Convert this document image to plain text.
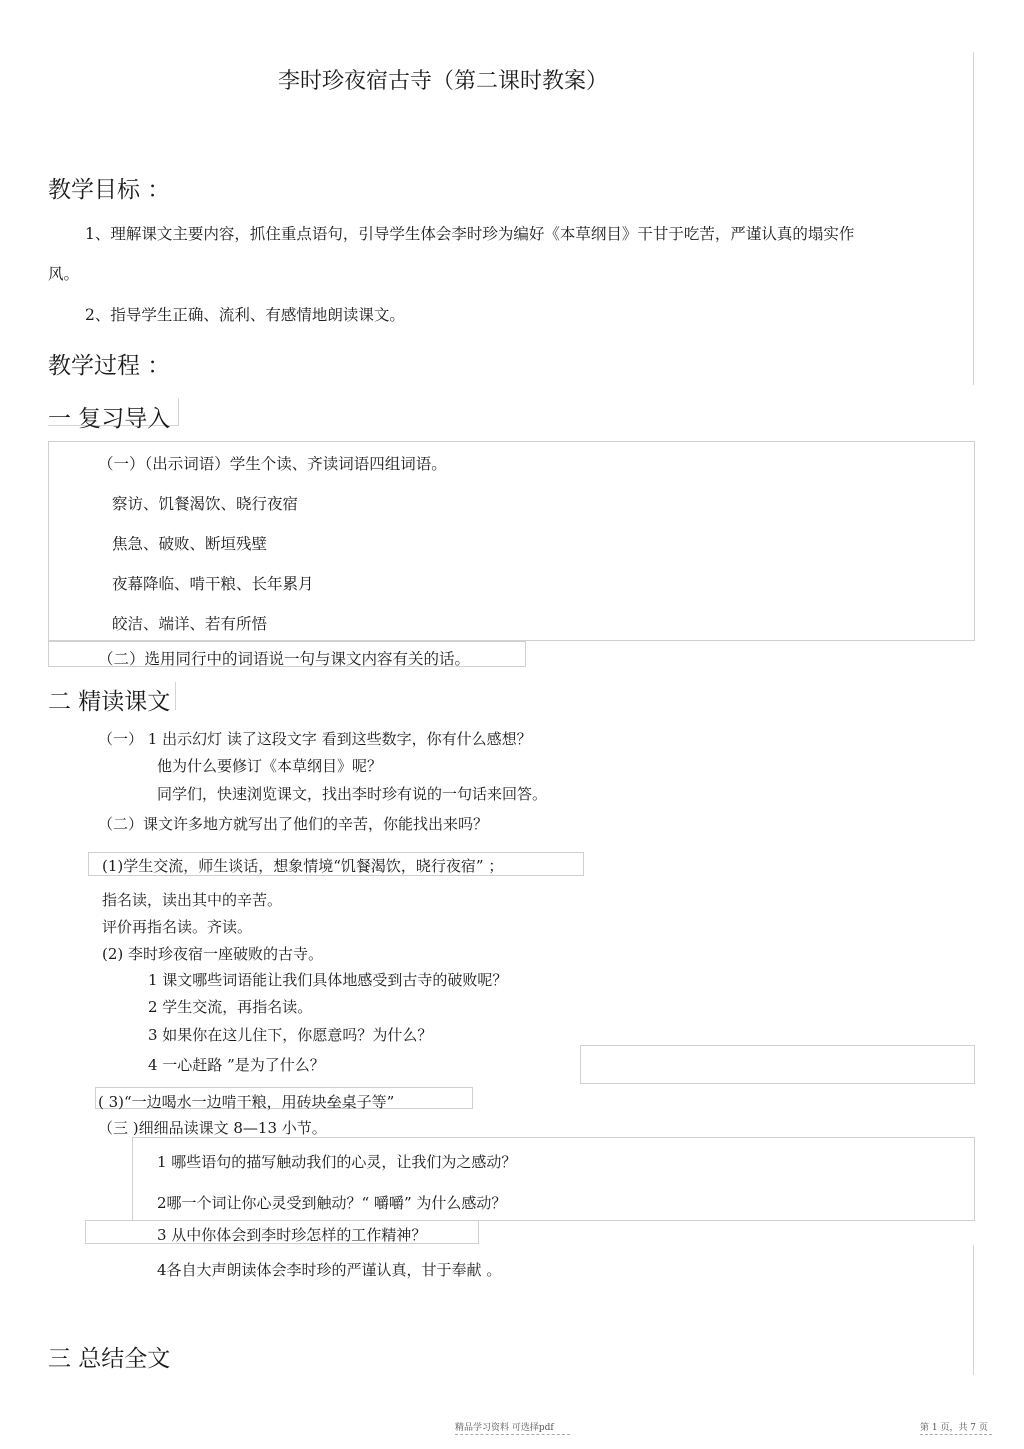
李时珍夜宿古寺（第二课时教案）
教学目标 ：
1、理解课文主要内容，抓住重点语句，引导学生体会李时珍为编好《本草纲目》干甘于吃苦，严谨认真的塌实作
风。
2、指导学生正确、流利、有感情地朗读课文。
教学过程 ：
一 复习导入
（一）（出示词语）学生个读、齐读词语四组词语。
察访、饥餐渴饮、晓行夜宿
焦急、破败、断垣残壁
夜幕降临、啃干粮、长年累月
皎洁、端详、若有所悟
（二）选用同行中的词语说一句与课文内容有关的话。
二 精读课文
（一） 1 出示幻灯 读了这段文字 看到这些数字，你有什么感想？
他为什么要修订《本草纲目》呢？
同学们，快速浏览课文，找出李时珍有说的一句话来回答。
（二）课文许多地方就写出了他们的辛苦，你能找出来吗？
(1)学生交流，师生谈话，想象情境“饥餐渴饮，晓行夜宿” ；
指名读，读出其中的辛苦。
评价再指名读。齐读。
(2) 李时珍夜宿一座破败的古寺。
1 课文哪些词语能让我们具体地感受到古寺的破败呢？
2 学生交流，再指名读。
3 如果你在这儿住下，你愿意吗？为什么？
4 一心赶路 ”是为了什么？
( 3)“一边喝水一边啃干粮，用砖块垒桌子等”
（三 )细细品读课文 8—13 小节。
1 哪些语句的描写触动我们的心灵，让我们为之感动？
2哪一个词让你心灵受到触动？“ 嚼嚼” 为什么感动？
3 从中你体会到李时珍怎样的工作精神？
4各自大声朗读体会李时珍的严谨认真，甘于奉献 。
三 总结全文
精品学习资料 可选择pdf	第 1 页，共 7 页
